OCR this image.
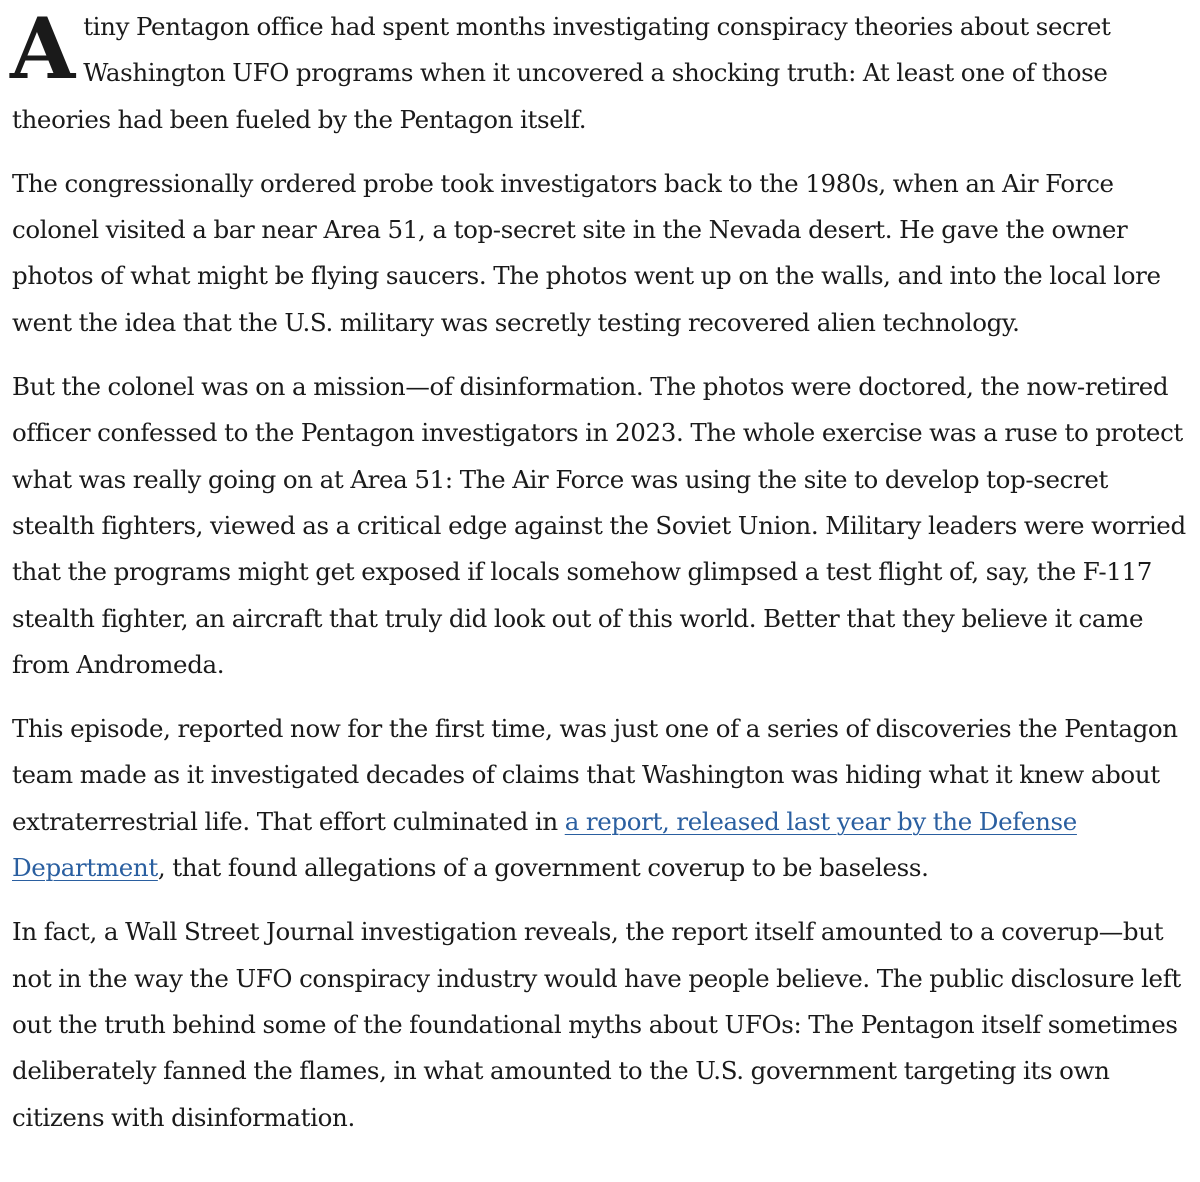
Atiny Pentagon office had spent months investigating conspiracy theories about secret Washington UFO programs when it uncovered a shocking truth: At least one of those theories had been fueled by the Pentagon itself.

The congressionally ordered probe took investigators back to the 1980s, when an Air Force colonel visited a bar near Area 51, a top-secret site in the Nevada desert. He gave the owner photos of what might be flying saucers. The photos went up on the walls, and into the local lore went the idea that the U.S. military was secretly testing recovered alien technology.

But the colonel was on a mission—of disinformation. The photos were doctored, the now-retired officer confessed to the Pentagon investigators in 2023. The whole exercise was a ruse to protect what was really going on at Area 51: The Air Force was using the site to develop top-secret stealth fighters, viewed as a critical edge against the Soviet Union. Military leaders were worried that the programs might get exposed if locals somehow glimpsed a test flight of, say, the F-117 stealth fighter, an aircraft that truly did look out of this world. Better that they believe it came from Andromeda.

This episode, reported now for the first time, was just one of a series of discoveries the Pentagon team made as it investigated decades of claims that Washington was hiding what it knew about extraterrestrial life. That effort culminated in a report, released last year by the Defense Department, that found allegations of a government coverup to be baseless.

In fact, a Wall Street Journal investigation reveals, the report itself amounted to a coverup—but not in the way the UFO conspiracy industry would have people believe. The public disclosure left out the truth behind some of the foundational myths about UFOs: The Pentagon itself sometimes deliberately fanned the flames, in what amounted to the U.S. government targeting its own citizens with disinformation.
